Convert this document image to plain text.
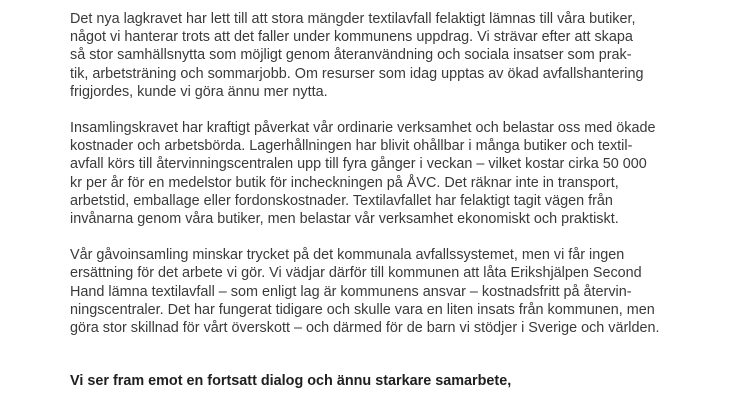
Det nya lagkravet har lett till att stora mängder textilavfall felaktigt lämnas till våra butiker,
något vi hanterar trots att det faller under kommunens uppdrag. Vi strävar efter att skapa
så stor samhällsnytta som möjligt genom återanvändning och sociala insatser som prak-
tik, arbetsträning och sommarjobb. Om resurser som idag upptas av ökad avfallshantering
frigjordes, kunde vi göra ännu mer nytta.

Insamlingskravet har kraftigt påverkat vår ordinarie verksamhet och belastar oss med ökade
kostnader och arbetsbörda. Lagerhållningen har blivit ohållbar i många butiker och textil-
avfall körs till återvinningscentralen upp till fyra gånger i veckan – vilket kostar cirka 50 000
kr per år för en medelstor butik för incheckningen på ÅVC. Det räknar inte in transport,
arbetstid, emballage eller fordonskostnader. Textilavfallet har felaktigt tagit vägen från
invånarna genom våra butiker, men belastar vår verksamhet ekonomiskt och praktiskt.

Vår gåvoinsamling minskar trycket på det kommunala avfallssystemet, men vi får ingen
ersättning för det arbete vi gör. Vi vädjar därför till kommunen att låta Erikshjälpen Second
Hand lämna textilavfall – som enligt lag är kommunens ansvar – kostnadsfritt på återvin-
ningscentraler. Det har fungerat tidigare och skulle vara en liten insats från kommunen, men
göra stor skillnad för vårt överskott – och därmed för de barn vi stödjer i Sverige och världen.

Vi ser fram emot en fortsatt dialog och ännu starkare samarbete,
